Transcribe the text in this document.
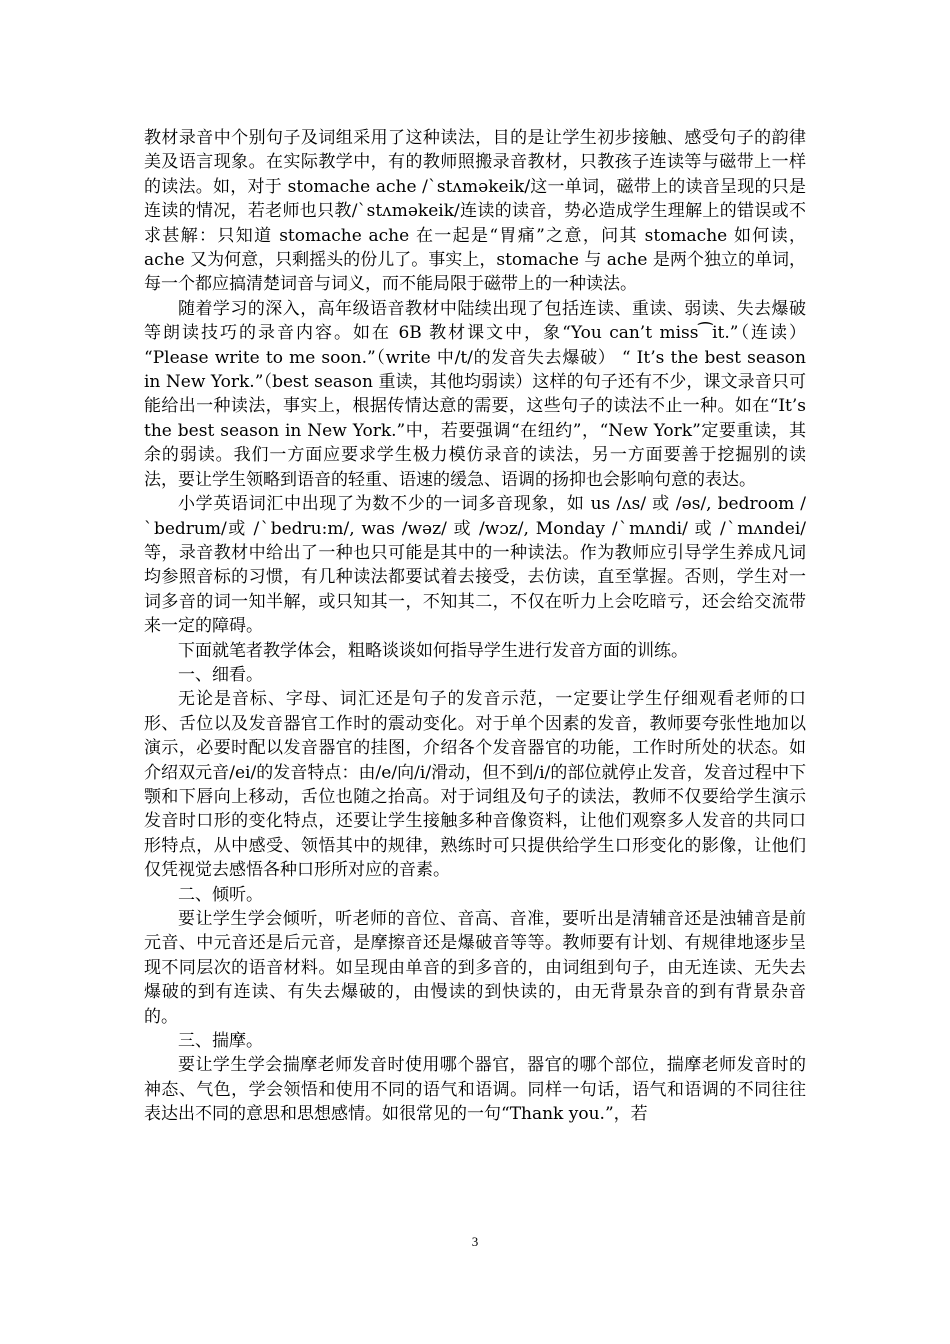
教材录音中个别句子及词组采用了这种读法，目的是让学生初步接触、感受句子的韵律美及语言现象。在实际教学中，有的教师照搬录音教材，只教孩子连读等与磁带上一样的读法。如，对于 stomache ache /ˋstʌməkeik/这一单词，磁带上的读音呈现的只是连读的情况，若老师也只教/ˋstʌməkeik/连读的读音，势必造成学生理解上的错误或不求甚解：只知道 stomache ache 在一起是“胃痛”之意，问其 stomache 如何读，ache 又为何意，只剩摇头的份儿了。事实上，stomache 与 ache 是两个独立的单词，每一个都应搞清楚词音与词义，而不能局限于磁带上的一种读法。

随着学习的深入，高年级语音教材中陆续出现了包括连读、重读、弱读、失去爆破等朗读技巧的录音内容。如在 6B 教材课文中，象“You can’t miss⁀it.”（连读） “Please write to me soon.”（write 中/t/的发音失去爆破） “ It’s the best season in New York.”（best season 重读，其他均弱读）这样的句子还有不少，课文录音只可能给出一种读法，事实上，根据传情达意的需要，这些句子的读法不止一种。如在“It’s the best season in New York.”中，若要强调“在纽约”，“New York”定要重读，其余的弱读。我们一方面应要求学生极力模仿录音的读法，另一方面要善于挖掘别的读法，要让学生领略到语音的轻重、语速的缓急、语调的扬抑也会影响句意的表达。

小学英语词汇中出现了为数不少的一词多音现象，如 us /ʌs/ 或 /əs/, bedroom /ˋbedrum/或 /ˋbedru:m/, was /wəz/ 或 /wɔz/, Monday /ˋmʌndi/ 或 /ˋmʌndei/ 等，录音教材中给出了一种也只可能是其中的一种读法。作为教师应引导学生养成凡词均参照音标的习惯，有几种读法都要试着去接受，去仿读，直至掌握。否则，学生对一词多音的词一知半解，或只知其一，不知其二，不仅在听力上会吃暗亏，还会给交流带来一定的障碍。

下面就笔者教学体会，粗略谈谈如何指导学生进行发音方面的训练。

一、细看。

无论是音标、字母、词汇还是句子的发音示范，一定要让学生仔细观看老师的口形、舌位以及发音器官工作时的震动变化。对于单个因素的发音，教师要夸张性地加以演示，必要时配以发音器官的挂图，介绍各个发音器官的功能，工作时所处的状态。如介绍双元音/ei/的发音特点：由/e/向/i/滑动，但不到/i/的部位就停止发音，发音过程中下颚和下唇向上移动，舌位也随之抬高。对于词组及句子的读法，教师不仅要给学生演示发音时口形的变化特点，还要让学生接触多种音像资料，让他们观察多人发音的共同口形特点，从中感受、领悟其中的规律，熟练时可只提供给学生口形变化的影像，让他们仅凭视觉去感悟各种口形所对应的音素。

二、倾听。

要让学生学会倾听，听老师的音位、音高、音准，要听出是清辅音还是浊辅音是前元音、中元音还是后元音，是摩擦音还是爆破音等等。教师要有计划、有规律地逐步呈现不同层次的语音材料。如呈现由单音的到多音的，由词组到句子，由无连读、无失去爆破的到有连读、有失去爆破的，由慢读的到快读的，由无背景杂音的到有背景杂音的。

三、揣摩。

要让学生学会揣摩老师发音时使用哪个器官，器官的哪个部位，揣摩老师发音时的神态、气色，学会领悟和使用不同的语气和语调。同样一句话，语气和语调的不同往往表达出不同的意思和思想感情。如很常见的一句“Thank you.”，若

3
